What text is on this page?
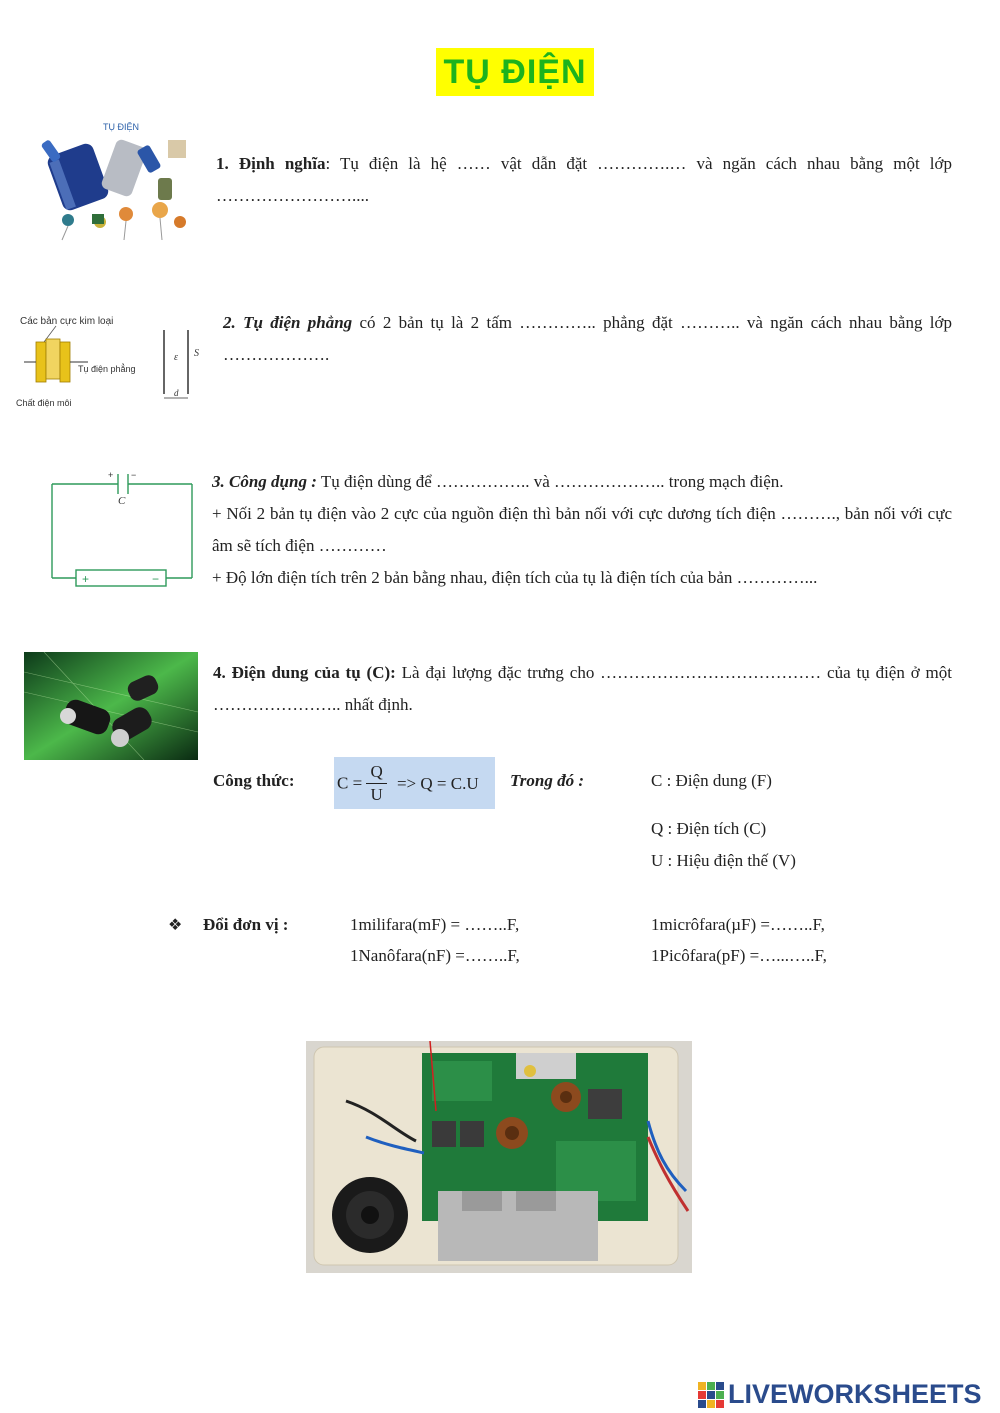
TỤ ĐIỆN
TỤ ĐIỆN
1. Định nghĩa: Tụ điện là hệ …… vật dẫn đặt ………….… và ngăn cách nhau bằng một lớp ……………………....
Các bản cực kim loại
Tụ điện phẳng
Chất điện môi
ε S
d
2. Tụ điện phẳng có 2 bản tụ là 2 tấm ………….. phẳng đặt ……….. và ngăn cách nhau bằng lớp ……………….
+ −
C
+	−
3. Công dụng : Tụ điện dùng để …………….. và ……………….. trong mạch điện.
+ Nối 2 bản tụ điện vào 2 cực của nguồn điện thì bản nối với cực dương tích điện ………., bản nối với cực âm sẽ tích điện …………
+ Độ lớn điện tích trên 2 bản bằng nhau, điện tích của tụ là điện tích của bản …………...
4. Điện dung của tụ (C): Là đại lượng đặc trưng cho ………………………………… của tụ điện ở một ………………….. nhất định.
Công thức: $C = \frac{Q}{U} => Q = C.U$ Trong đó :	C : Điện dung (F)
Q : Điện tích (C)
U : Hiệu điện thế (V)
❖ Đổi đơn vị :	1milifara(mF) = ……..F,	1micrôfara(µF) =……..F,
1Nanôfara(nF) =……..F,	1Picôfara(pF) =…...…..F,
LIVEWORKSHEETS
